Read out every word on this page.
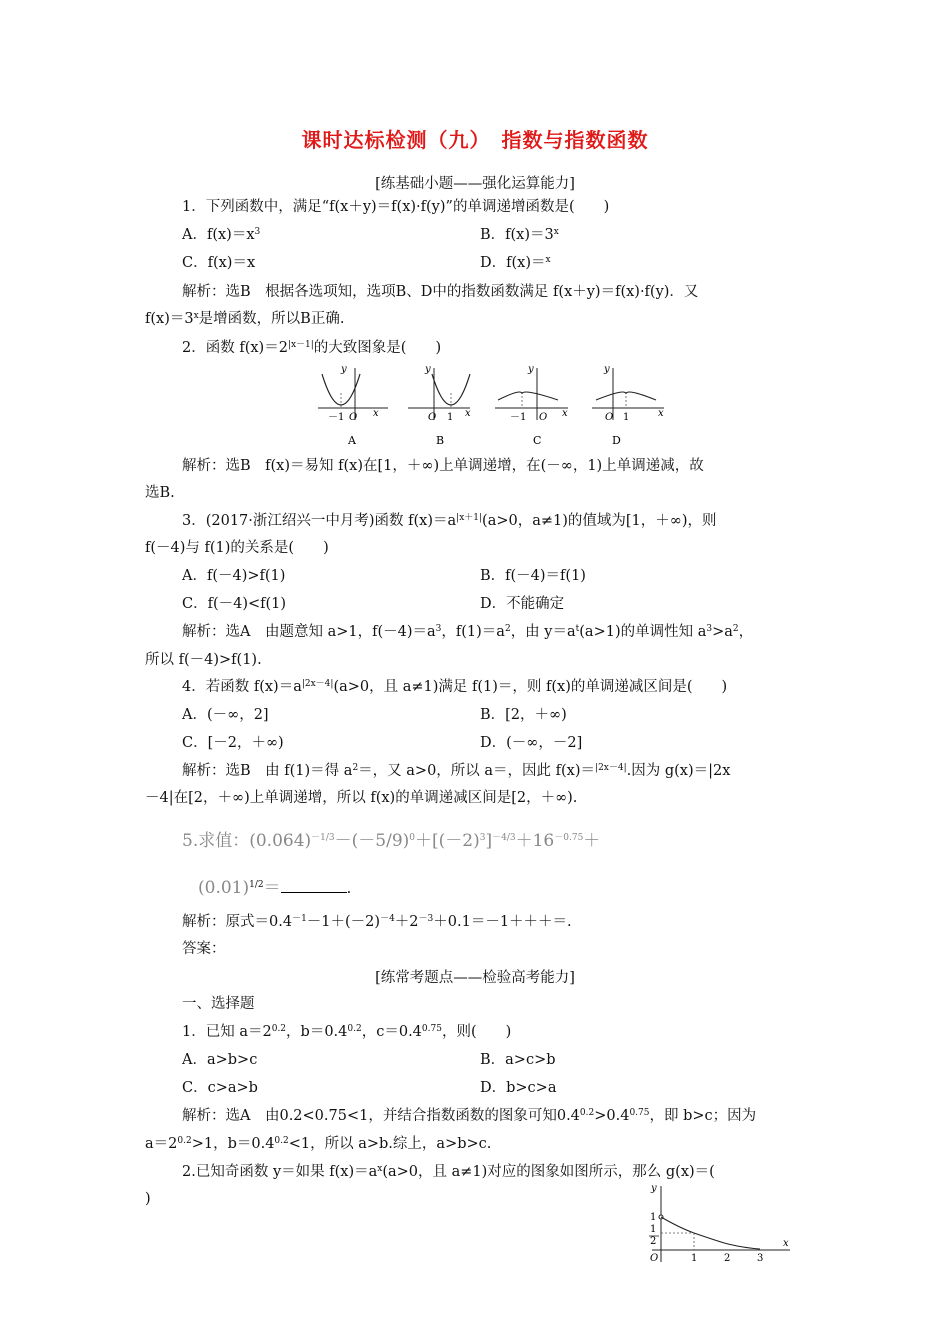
课时达标检测（九）　指数与指数函数
[练基础小题——强化运算能力]
1．下列函数中，满足“f(x＋y)＝f(x)·f(y)”的单调递增函数是(　　)
A．$f(x)=x^3$	B．$f(x)=3^x$
C．f(x)＝x	D．f(x)＝$^x$
解析：选B　根据各选项知，选项B、D中的指数函数满足 f(x＋y)＝f(x)·f(y)．又
$f(x)=3^x$是增函数，所以B正确.
2．函数 $f(x)=2^{|x-1|}$的大致图象是(　　)
y
x
－1 O
A
y
x
O 1
B
y
x
－1 O
C
y
x
O 1
D
解析：选B　f(x)＝易知 f(x)在[1，＋∞)上单调递增，在(－∞，1)上单调递减，故
选B.
3．(2017·浙江绍兴一中月考)函数 $f(x)=a^{|x+1|}(a>0$，a≠1)的值域为[1，＋∞)，则
f(－4)与 f(1)的关系是(　　)
A．f(－4)>f(1)	B．f(－4)＝f(1)
C．f(－4)<f(1)	D．不能确定
解析：选A　由题意知 a>1，$f(-4)=a^3$，$f(1)=a^2$，由 $y=a^t(a>1)$的单调性知 $a^3>a^2$，
所以 f(－4)>f(1).
4．若函数 $f(x)=a^{|2x-4|}(a>0$，且 a≠1)满足 f(1)＝，则 f(x)的单调递减区间是(　　)
A．(－∞，2]	B．[2，＋∞)
C．[－2，＋∞)	D．(－∞，－2]
解析：选B　由 f(1)＝得 $a^2=$，又 a>0，所以 a＝，因此 f(x)＝$^{|2x-4|}$.因为 g(x)＝|2x
－4|在[2，＋∞)上单调递增，所以 f(x)的单调递减区间是[2，＋∞).
5.求值：$(0.064)^{-1/3}-(-5/9)^0+[(-2)^3]^{-4/3}+16^{-0.75}+$
$(0.01)^{1/2}=$	.
解析：原式$=0.4^{-1}-1+(-2)^{-4}+2^{-3}+0.1=-1+++=$.
答案：
[练常考题点——检验高考能力]
一、选择题
1．已知 $a=2^{0.2}$，$b=0.4^{0.2}$，$c=0.4^{0.75}$，则(　　)
A．a>b>c	B．a>c>b
C．c>a>b	D．b>c>a
解析：选A　由0.2<0.75<1，并结合指数函数的图象可知$0.4^{0.2}>0.4^{0.75}$，即 b>c；因为
$a=2^{0.2}>1$，$b=0.4^{0.2}<1$，所以 a>b.综上，a>b>c.
2.已知奇函数 y＝如果 $f(x)=a^x(a>0$，且 a≠1)对应的图象如图所示，那么 g(x)＝(
)
y
x
O
1
1
2
1	2	3
